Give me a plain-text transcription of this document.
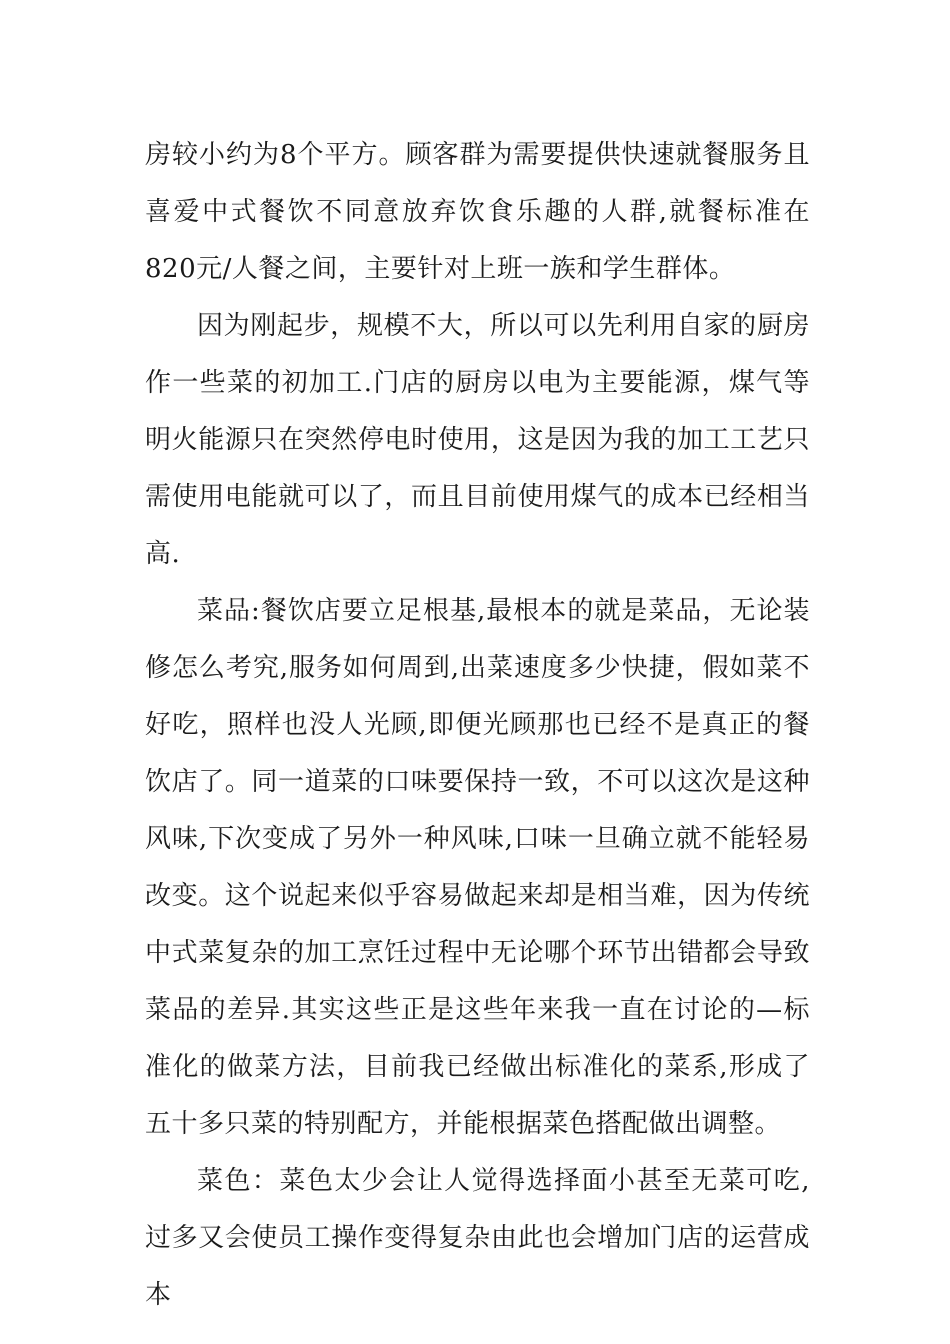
房较小约为8个平方。顾客群为需要提供快速就餐服务且喜爱中式餐饮不同意放弃饮食乐趣的人群,就餐标准在820元/人餐之间，主要针对上班一族和学生群体。

因为刚起步，规模不大，所以可以先利用自家的厨房作一些菜的初加工.门店的厨房以电为主要能源，煤气等明火能源只在突然停电时使用，这是因为我的加工工艺只需使用电能就可以了，而且目前使用煤气的成本已经相当高.

菜品:餐饮店要立足根基,最根本的就是菜品，无论装修怎么考究,服务如何周到,出菜速度多少快捷，假如菜不好吃，照样也没人光顾,即便光顾那也已经不是真正的餐饮店了。同一道菜的口味要保持一致，不可以这次是这种风味,下次变成了另外一种风味,口味一旦确立就不能轻易改变。这个说起来似乎容易做起来却是相当难，因为传统中式菜复杂的加工烹饪过程中无论哪个环节出错都会导致菜品的差异.其实这些正是这些年来我一直在讨论的—标准化的做菜方法，目前我已经做出标准化的菜系,形成了五十多只菜的特别配方，并能根据菜色搭配做出调整。

菜色：菜色太少会让人觉得选择面小甚至无菜可吃,过多又会使员工操作变得复杂由此也会增加门店的运营成本
